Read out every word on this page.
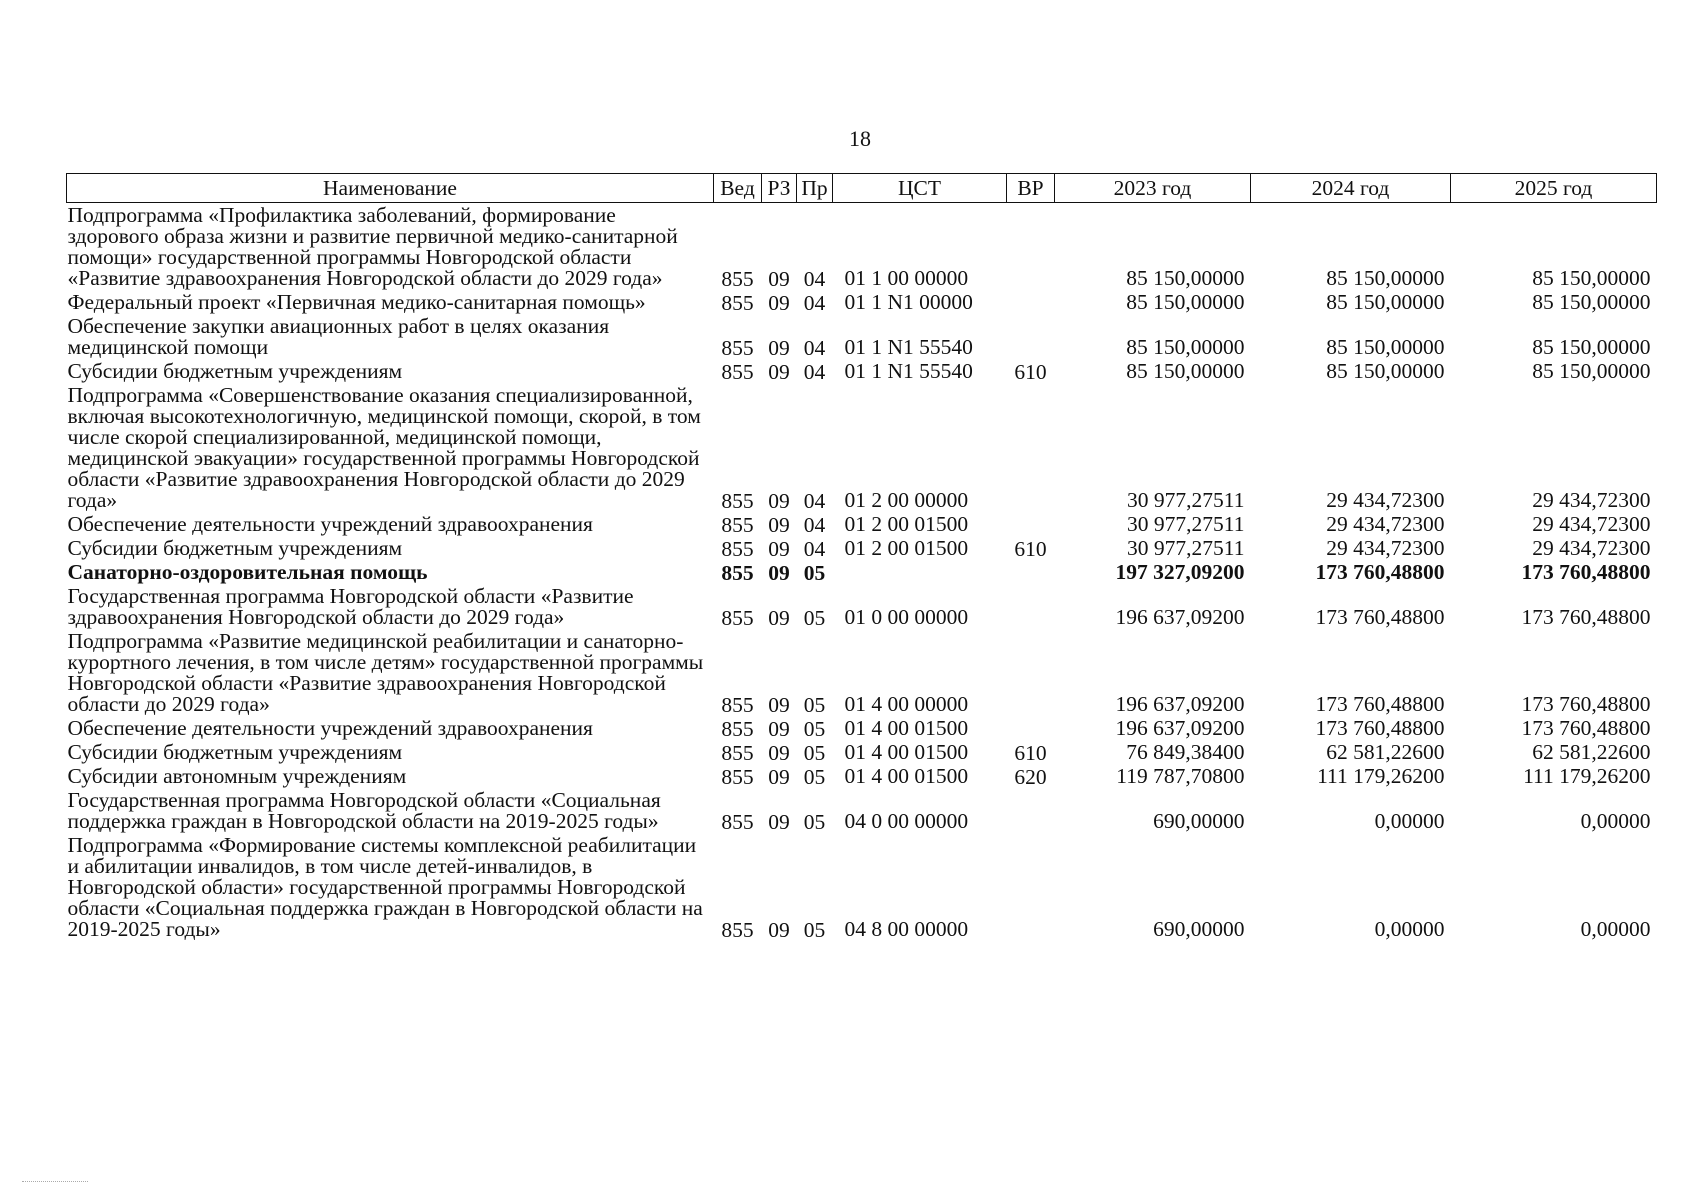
18
Наименование	Вед	РЗ	Пр	ЦСТ	ВР	2023 год	2024 год	2025 год
Подпрограмма «Профилактика заболеваний, формирование здорового образа жизни и развитие первичной медико-санитарной помощи» государственной программы Новгородской области «Развитие здравоохранения Новгородской области до 2029 года»	855	09	04	01 1 00 00000		85 150,00000	85 150,00000	85 150,00000
Федеральный проект «Первичная медико-санитарная помощь»	855	09	04	01 1 N1 00000		85 150,00000	85 150,00000	85 150,00000
Обеспечение закупки авиационных работ в целях оказания медицинской помощи	855	09	04	01 1 N1 55540		85 150,00000	85 150,00000	85 150,00000
Субсидии бюджетным учреждениям	855	09	04	01 1 N1 55540	610	85 150,00000	85 150,00000	85 150,00000
Подпрограмма «Совершенствование оказания специализированной, включая высокотехнологичную, медицинской помощи, скорой, в том числе скорой специализированной, медицинской помощи, медицинской эвакуации» государственной программы Новгородской области «Развитие здравоохранения Новгородской области до 2029 года»	855	09	04	01 2 00 00000		30 977,27511	29 434,72300	29 434,72300
Обеспечение деятельности учреждений здравоохранения	855	09	04	01 2 00 01500		30 977,27511	29 434,72300	29 434,72300
Субсидии бюджетным учреждениям	855	09	04	01 2 00 01500	610	30 977,27511	29 434,72300	29 434,72300
Санаторно-оздоровительная помощь	855	09	05			197 327,09200	173 760,48800	173 760,48800
Государственная программа Новгородской области «Развитие здравоохранения Новгородской области до 2029 года»	855	09	05	01 0 00 00000		196 637,09200	173 760,48800	173 760,48800
Подпрограмма «Развитие медицинской реабилитации и санаторно-курортного лечения, в том числе детям» государственной программы Новгородской области «Развитие здравоохранения Новгородской области до 2029 года»	855	09	05	01 4 00 00000		196 637,09200	173 760,48800	173 760,48800
Обеспечение деятельности учреждений здравоохранения	855	09	05	01 4 00 01500		196 637,09200	173 760,48800	173 760,48800
Субсидии бюджетным учреждениям	855	09	05	01 4 00 01500	610	76 849,38400	62 581,22600	62 581,22600
Субсидии автономным учреждениям	855	09	05	01 4 00 01500	620	119 787,70800	111 179,26200	111 179,26200
Государственная программа Новгородской области «Социальная поддержка граждан в Новгородской области на 2019-2025 годы»	855	09	05	04 0 00 00000		690,00000	0,00000	0,00000
Подпрограмма «Формирование системы комплексной реабилитации и абилитации инвалидов, в том числе детей-инвалидов, в Новгородской области» государственной программы Новгородской области «Социальная поддержка граждан в Новгородской области на 2019-2025 годы»	855	09	05	04 8 00 00000		690,00000	0,00000	0,00000
